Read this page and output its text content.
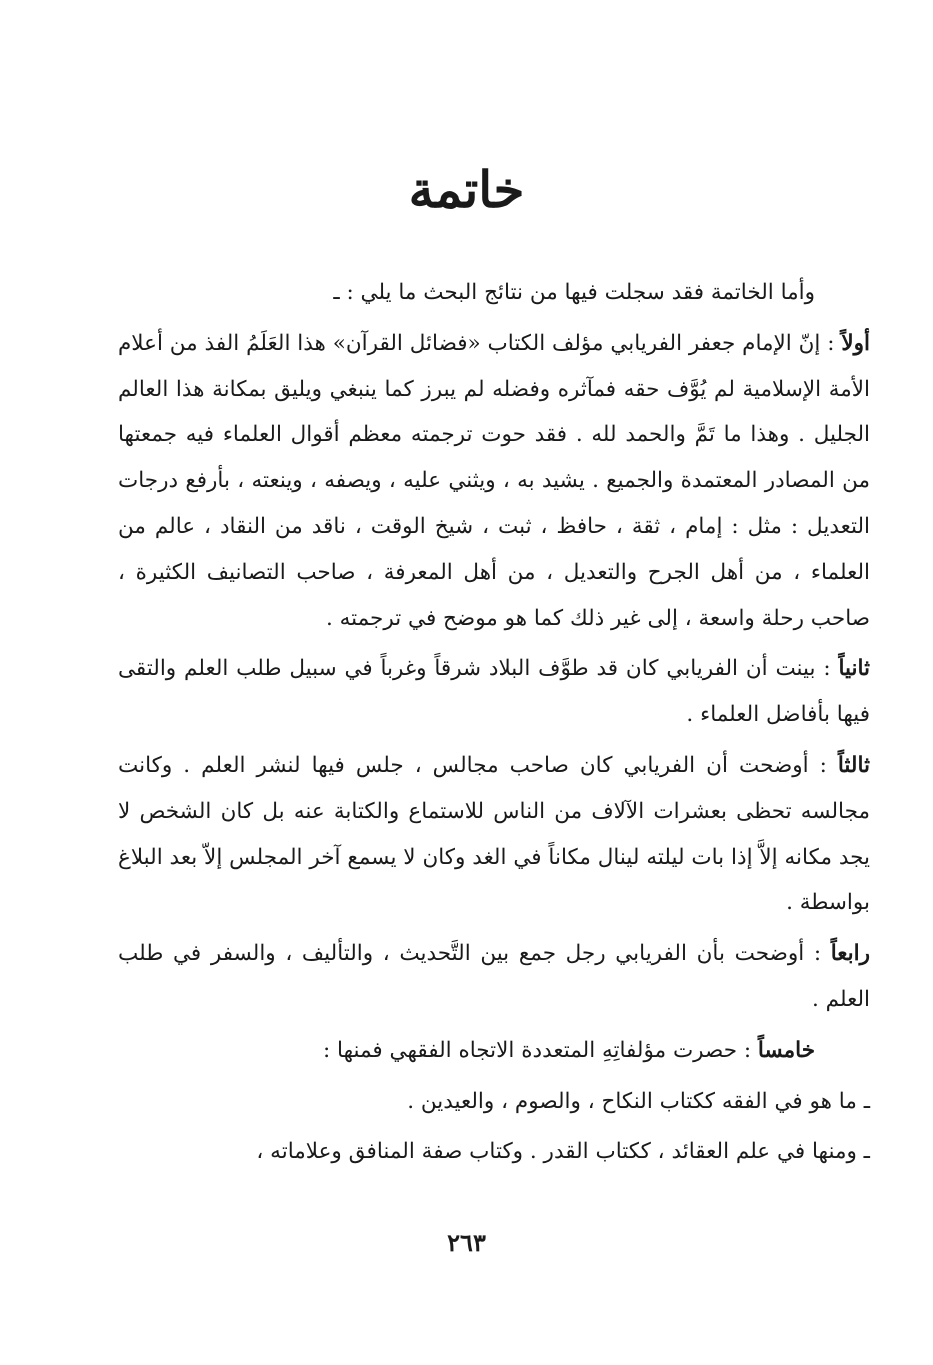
خاتمة

وأما الخاتمة فقد سجلت فيها من نتائج البحث ما يلي : ـ

أولاً : إنّ الإمام جعفر الفريابي مؤلف الكتاب «فضائل القرآن» هذا العَلَمُ الفذ من أعلام الأمة الإسلامية لم يُوَّف حقه فمآثره وفضله لم يبرز كما ينبغي ويليق بمكانة هذا العالم الجليل . وهذا ما تَمَّ والحمد لله . فقد حوت ترجمته معظم أقوال العلماء فيه جمعتها من المصادر المعتمدة والجميع . يشيد به ، ويثني عليه ، ويصفه ، وينعته ، بأرفع درجات التعديل : مثل : إمام ، ثقة ، حافظ ، ثبت ، شيخ الوقت ، ناقد من النقاد ، عالم من العلماء ، من أهل الجرح والتعديل ، من أهل المعرفة ، صاحب التصانيف الكثيرة ، صاحب رحلة واسعة ، إلى غير ذلك كما هو موضح في ترجمته .

ثانياً : بينت أن الفريابي كان قد طوَّف البلاد شرقاً وغرباً في سبيل طلب العلم والتقى فيها بأفاضل العلماء .

ثالثاً : أوضحت أن الفريابي كان صاحب مجالس ، جلس فيها لنشر العلم . وكانت مجالسه تحظى بعشرات الآلاف من الناس للاستماع والكتابة عنه بل كان الشخص لا يجد مكانه إلاَّ إذا بات ليلته لينال مكاناً في الغد وكان لا يسمع آخر المجلس إلاّ بعد البلاغ بواسطة .

رابعاً : أوضحت بأن الفريابي رجل جمع بين التَّحديث ، والتأليف ، والسفر في طلب العلم .

خامساً : حصرت مؤلفاتِهِ المتعددة الاتجاه الفقهي فمنها :

ـ ما هو في الفقه ككتاب النكاح ، والصوم ، والعيدين .

ـ ومنها في علم العقائد ، ككتاب القدر . وكتاب صفة المنافق وعلاماته ،

٢٦٣
